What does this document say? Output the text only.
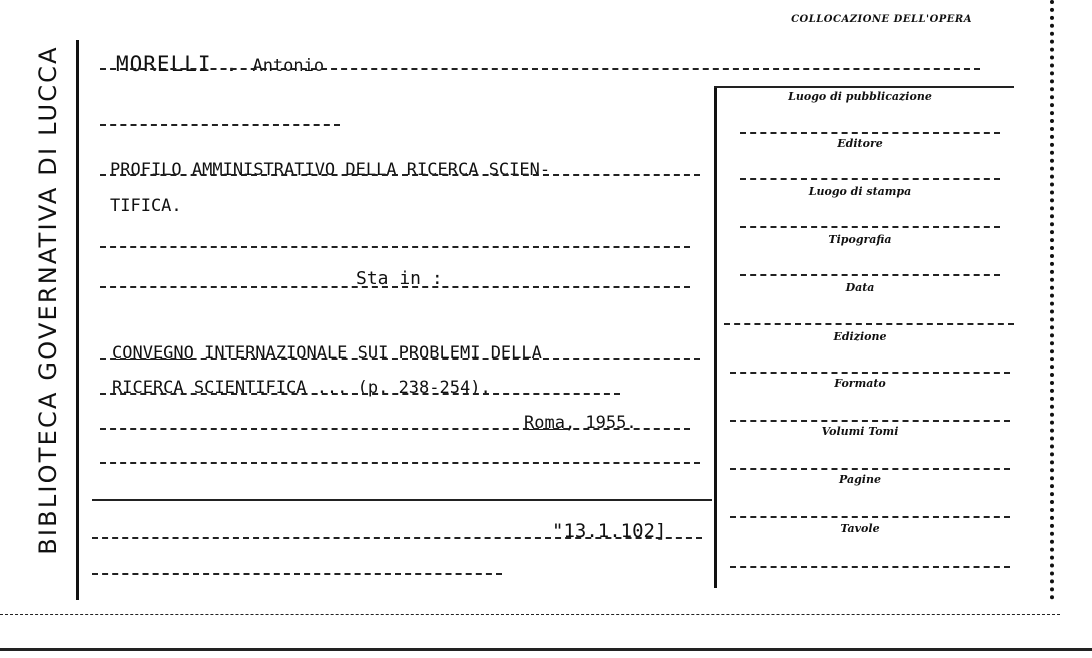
BIBLIOTECA GOVERNATIVA DI LUCCA
COLLOCAZIONE DELL'OPERA
MORELLI . Antonio
PROFILO AMMINISTRATIVO DELLA RICERCA SCIEN-
TIFICA.
Sta in :
CONVEGNO INTERNAZIONALE SUI PROBLEMI DELLA
RICERCA SCIENTIFICA ... (p. 238-254).
Roma, 1955.
"13.1.102]
Luogo di pubblicazione
Editore
Luogo di stampa
Tipografia
Data
Edizione
Formato
Volumi Tomi
Pagine
Tavole
